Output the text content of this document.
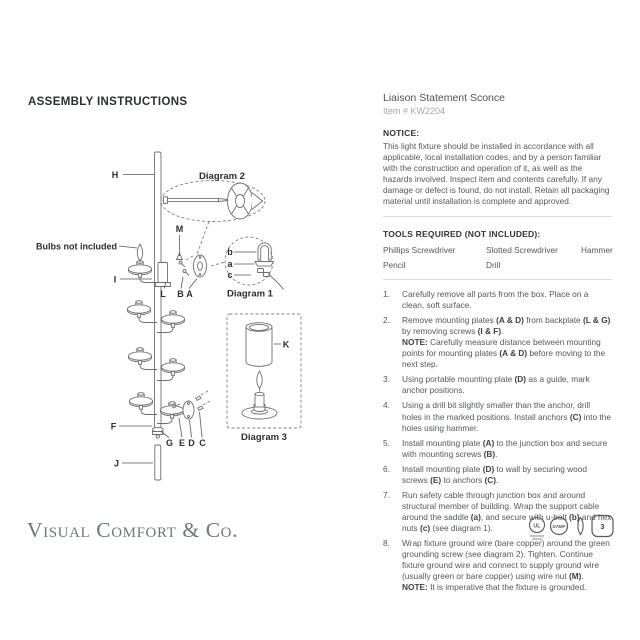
ASSEMBLY INSTRUCTIONS
H
Bulbs not included
M
I
L B A
b
a
c
K
F
G E D C
J
Diagram 2
Diagram 1
Diagram 3
Liaison Statement Sconce
Item # KW2204
NOTICE:
This light fixture should be installed in accordance with all applicable, local installation codes, and by a person familiar with the construction and operation of it, as well as the hazards involved. Inspect item and contents carefully. If any damage or defect is found, do not install. Retain all packaging material until installation is complete and approved.
TOOLS REQUIRED (NOT INCLUDED):
Phillips Screwdriver	Slotted Screwdriver	Hammer
Pencil	Drill
1. Carefully remove all parts from the box. Place on a clean, soft surface.
2. Remove mounting plates (A & D) from backplate (L & G) by removing screws (I & F).
NOTE: Carefully measure distance between mounting points for mounting plates (A & D) before moving to the next step.
3. Using portable mounting plate (D) as a guide, mark anchor positions.
4. Using a drill bit slightly smaller than the anchor, drill holes in the marked positions. Install anchors (C) into the holes using hammer.
5. Install mounting plate (A) to the junction box and secure with mounting screws (B).
6. Install mounting plate (D) to wall by securing wood screws (E) to anchors (C).
7. Run safety cable through junction box and around structural member of building. Wrap the support cable around the saddle (a), and secure with u-bolt (b) and hex nuts (c) (see diagram 1).
8. Wrap fixture ground wire (bare copper) around the green grounding screw (see diagram 2). Tighten. Continue fixture ground wire and connect to supply ground wire (usually green or bare copper) using wire nut (M).
NOTE: It is imperative that the fixture is grounded.
Visual Comfort & Co.	UL	DAMP	3
